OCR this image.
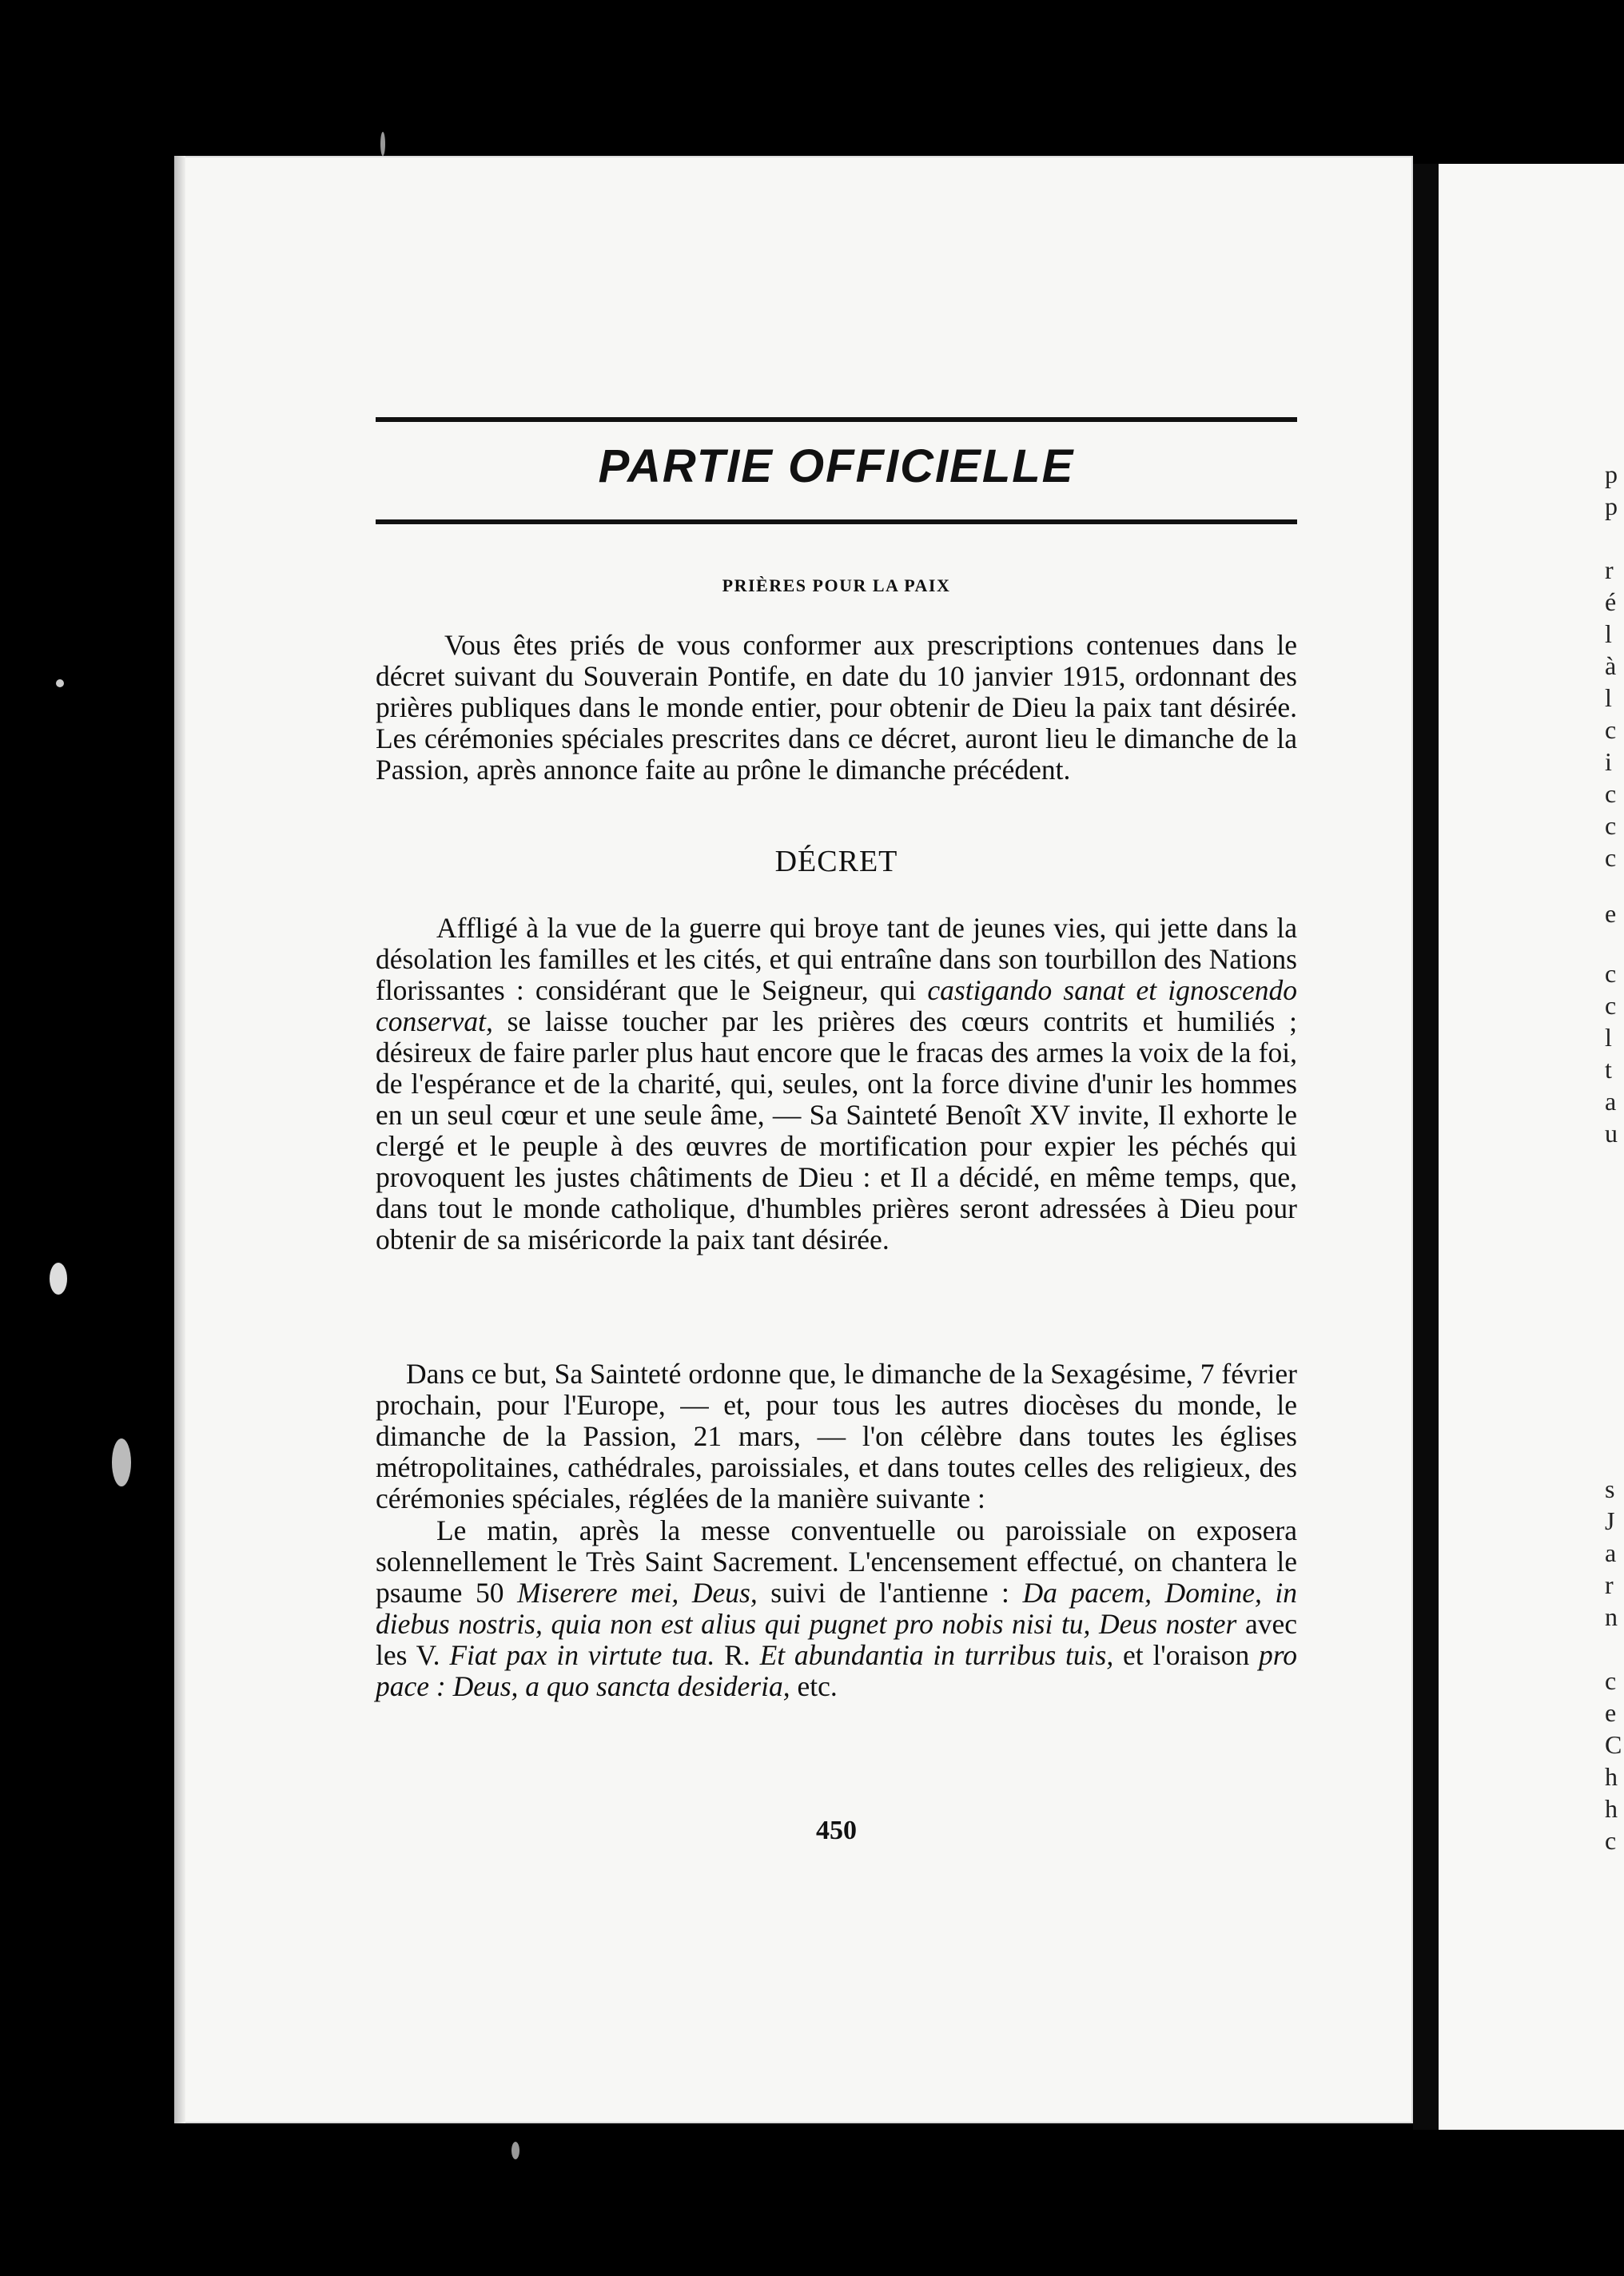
p
p
r
é
l
à
l
c
i
c
c
c
e
c
c
l
t
a
u
s
J
a
r
n
c
e
C
h
h
c
PARTIE OFFICIELLE
PRIÈRES POUR LA PAIX

Vous êtes priés de vous conformer aux prescriptions contenues dans le décret suivant du Souverain Pontife, en date du 10 janvier 1915, ordonnant des prières publiques dans le monde entier, pour obtenir de Dieu la paix tant désirée. Les cérémonies spéciales prescrites dans ce décret, auront lieu le dimanche de la Passion, après annonce faite au prône le dimanche précédent.

DÉCRET

Affligé à la vue de la guerre qui broye tant de jeunes vies, qui jette dans la désolation les familles et les cités, et qui entraîne dans son tourbillon des Nations florissantes : considérant que le Seigneur, qui castigando sanat et ignoscendo conservat, se laisse toucher par les prières des cœurs contrits et humiliés ; désireux de faire parler plus haut encore que le fracas des armes la voix de la foi, de l'espérance et de la charité, qui, seules, ont la force divine d'unir les hommes en un seul cœur et une seule âme, — Sa Sainteté Benoît XV invite, Il exhorte le clergé et le peuple à des œuvres de mortification pour expier les péchés qui provoquent les justes châtiments de Dieu : et Il a décidé, en même temps, que, dans tout le monde catholique, d'humbles prières seront adressées à Dieu pour obtenir de sa miséricorde la paix tant désirée.

Dans ce but, Sa Sainteté ordonne que, le dimanche de la Sexagésime, 7 février prochain, pour l'Europe, — et, pour tous les autres diocèses du monde, le dimanche de la Passion, 21 mars, — l'on célèbre dans toutes les églises métropolitaines, cathédrales, paroissiales, et dans toutes celles des religieux, des cérémonies spéciales, réglées de la manière suivante :

Le matin, après la messe conventuelle ou paroissiale on exposera solennellement le Très Saint Sacrement. L'encensement effectué, on chantera le psaume 50 Miserere mei, Deus, suivi de l'antienne : Da pacem, Domine, in diebus nostris, quia non est alius qui pugnet pro nobis nisi tu, Deus noster avec les V. Fiat pax in virtute tua. R. Et abundantia in turribus tuis, et l'oraison pro pace : Deus, a quo sancta desideria, etc.

450
